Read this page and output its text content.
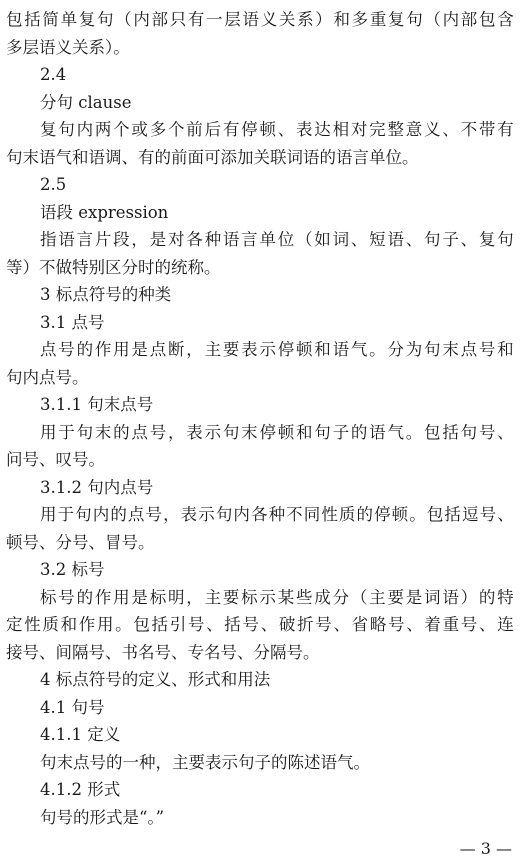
包括简单复句（内部只有一层语义关系）和多重复句（内部包含
多层语义关系）。
2.4
分句 clause
复句内两个或多个前后有停顿、表达相对完整意义、不带有
句末语气和语调、有的前面可添加关联词语的语言单位。
2.5
语段 expression
指语言片段，是对各种语言单位（如词、短语、句子、复句
等）不做特别区分时的统称。
3 标点符号的种类
3.1 点号
点号的作用是点断，主要表示停顿和语气。分为句末点号和
句内点号。
3.1.1 句末点号
用于句末的点号，表示句末停顿和句子的语气。包括句号、
问号、叹号。
3.1.2 句内点号
用于句内的点号，表示句内各种不同性质的停顿。包括逗号、
顿号、分号、冒号。
3.2 标号
标号的作用是标明，主要标示某些成分（主要是词语）的特
定性质和作用。包括引号、括号、破折号、省略号、着重号、连
接号、间隔号、书名号、专名号、分隔号。
4 标点符号的定义、形式和用法
4.1 句号
4.1.1 定义
句末点号的一种，主要表示句子的陈述语气。
4.1.2 形式
句号的形式是“。”
— 3 —
